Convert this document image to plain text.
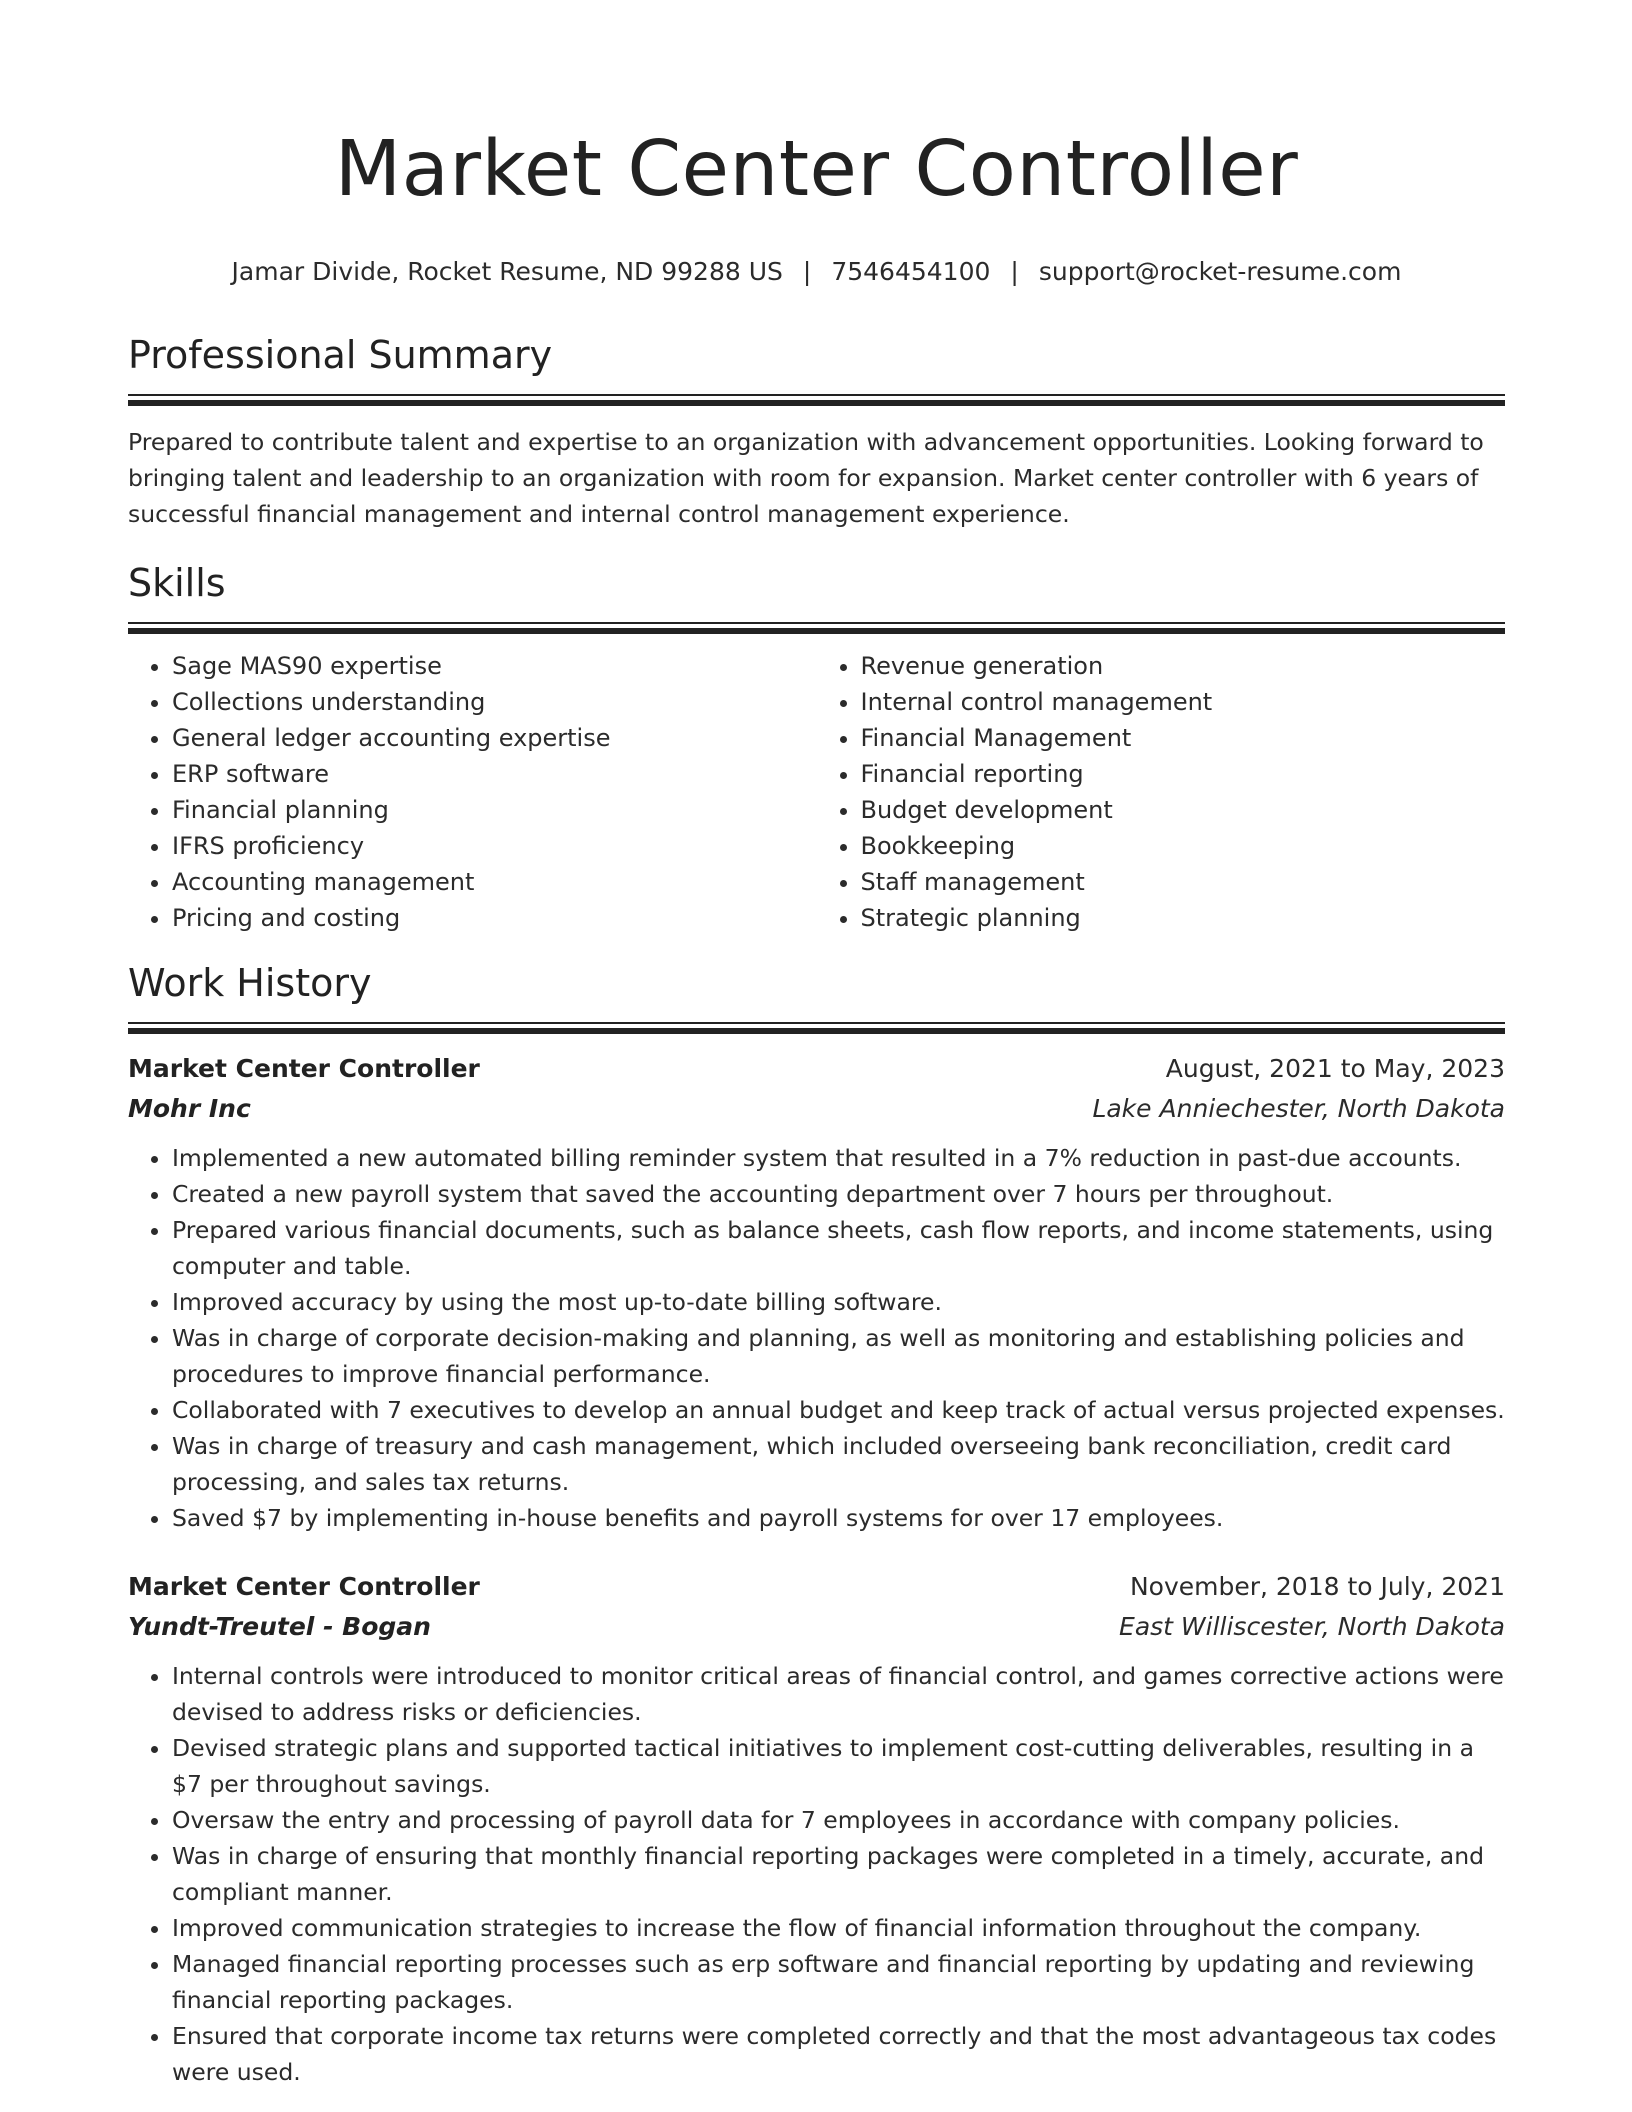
Market Center Controller
Jamar Divide, Rocket Resume, ND 99288 US | 7546454100 | support@rocket-resume.com
Professional Summary

Prepared to contribute talent and expertise to an organization with advancement opportunities. Looking forward to bringing talent and leadership to an organization with room for expansion. Market center controller with 6 years of successful financial management and internal control management experience.

Skills
• Sage MAS90 expertise
• Collections understanding
• General ledger accounting expertise
• ERP software
• Financial planning
• IFRS proficiency
• Accounting management
• Pricing and costing
• Revenue generation
• Internal control management
• Financial Management
• Financial reporting
• Budget development
• Bookkeeping
• Staff management
• Strategic planning
Work History
Market Center Controller	August, 2021 to May, 2023
Mohr Inc	Lake Anniechester, North Dakota
• Implemented a new automated billing reminder system that resulted in a 7% reduction in past-due accounts.
• Created a new payroll system that saved the accounting department over 7 hours per throughout.
• Prepared various financial documents, such as balance sheets, cash flow reports, and income statements, using computer and table.
• Improved accuracy by using the most up-to-date billing software.
• Was in charge of corporate decision-making and planning, as well as monitoring and establishing policies and procedures to improve financial performance.
• Collaborated with 7 executives to develop an annual budget and keep track of actual versus projected expenses.
• Was in charge of treasury and cash management, which included overseeing bank reconciliation, credit card processing, and sales tax returns.
• Saved $7 by implementing in-house benefits and payroll systems for over 17 employees.
Market Center Controller	November, 2018 to July, 2021
Yundt-Treutel - Bogan	East Williscester, North Dakota
• Internal controls were introduced to monitor critical areas of financial control, and games corrective actions were devised to address risks or deficiencies.
• Devised strategic plans and supported tactical initiatives to implement cost-cutting deliverables, resulting in a $7 per throughout savings.
• Oversaw the entry and processing of payroll data for 7 employees in accordance with company policies.
• Was in charge of ensuring that monthly financial reporting packages were completed in a timely, accurate, and compliant manner.
• Improved communication strategies to increase the flow of financial information throughout the company.
• Managed financial reporting processes such as erp software and financial reporting by updating and reviewing financial reporting packages.
• Ensured that corporate income tax returns were completed correctly and that the most advantageous tax codes were used.
